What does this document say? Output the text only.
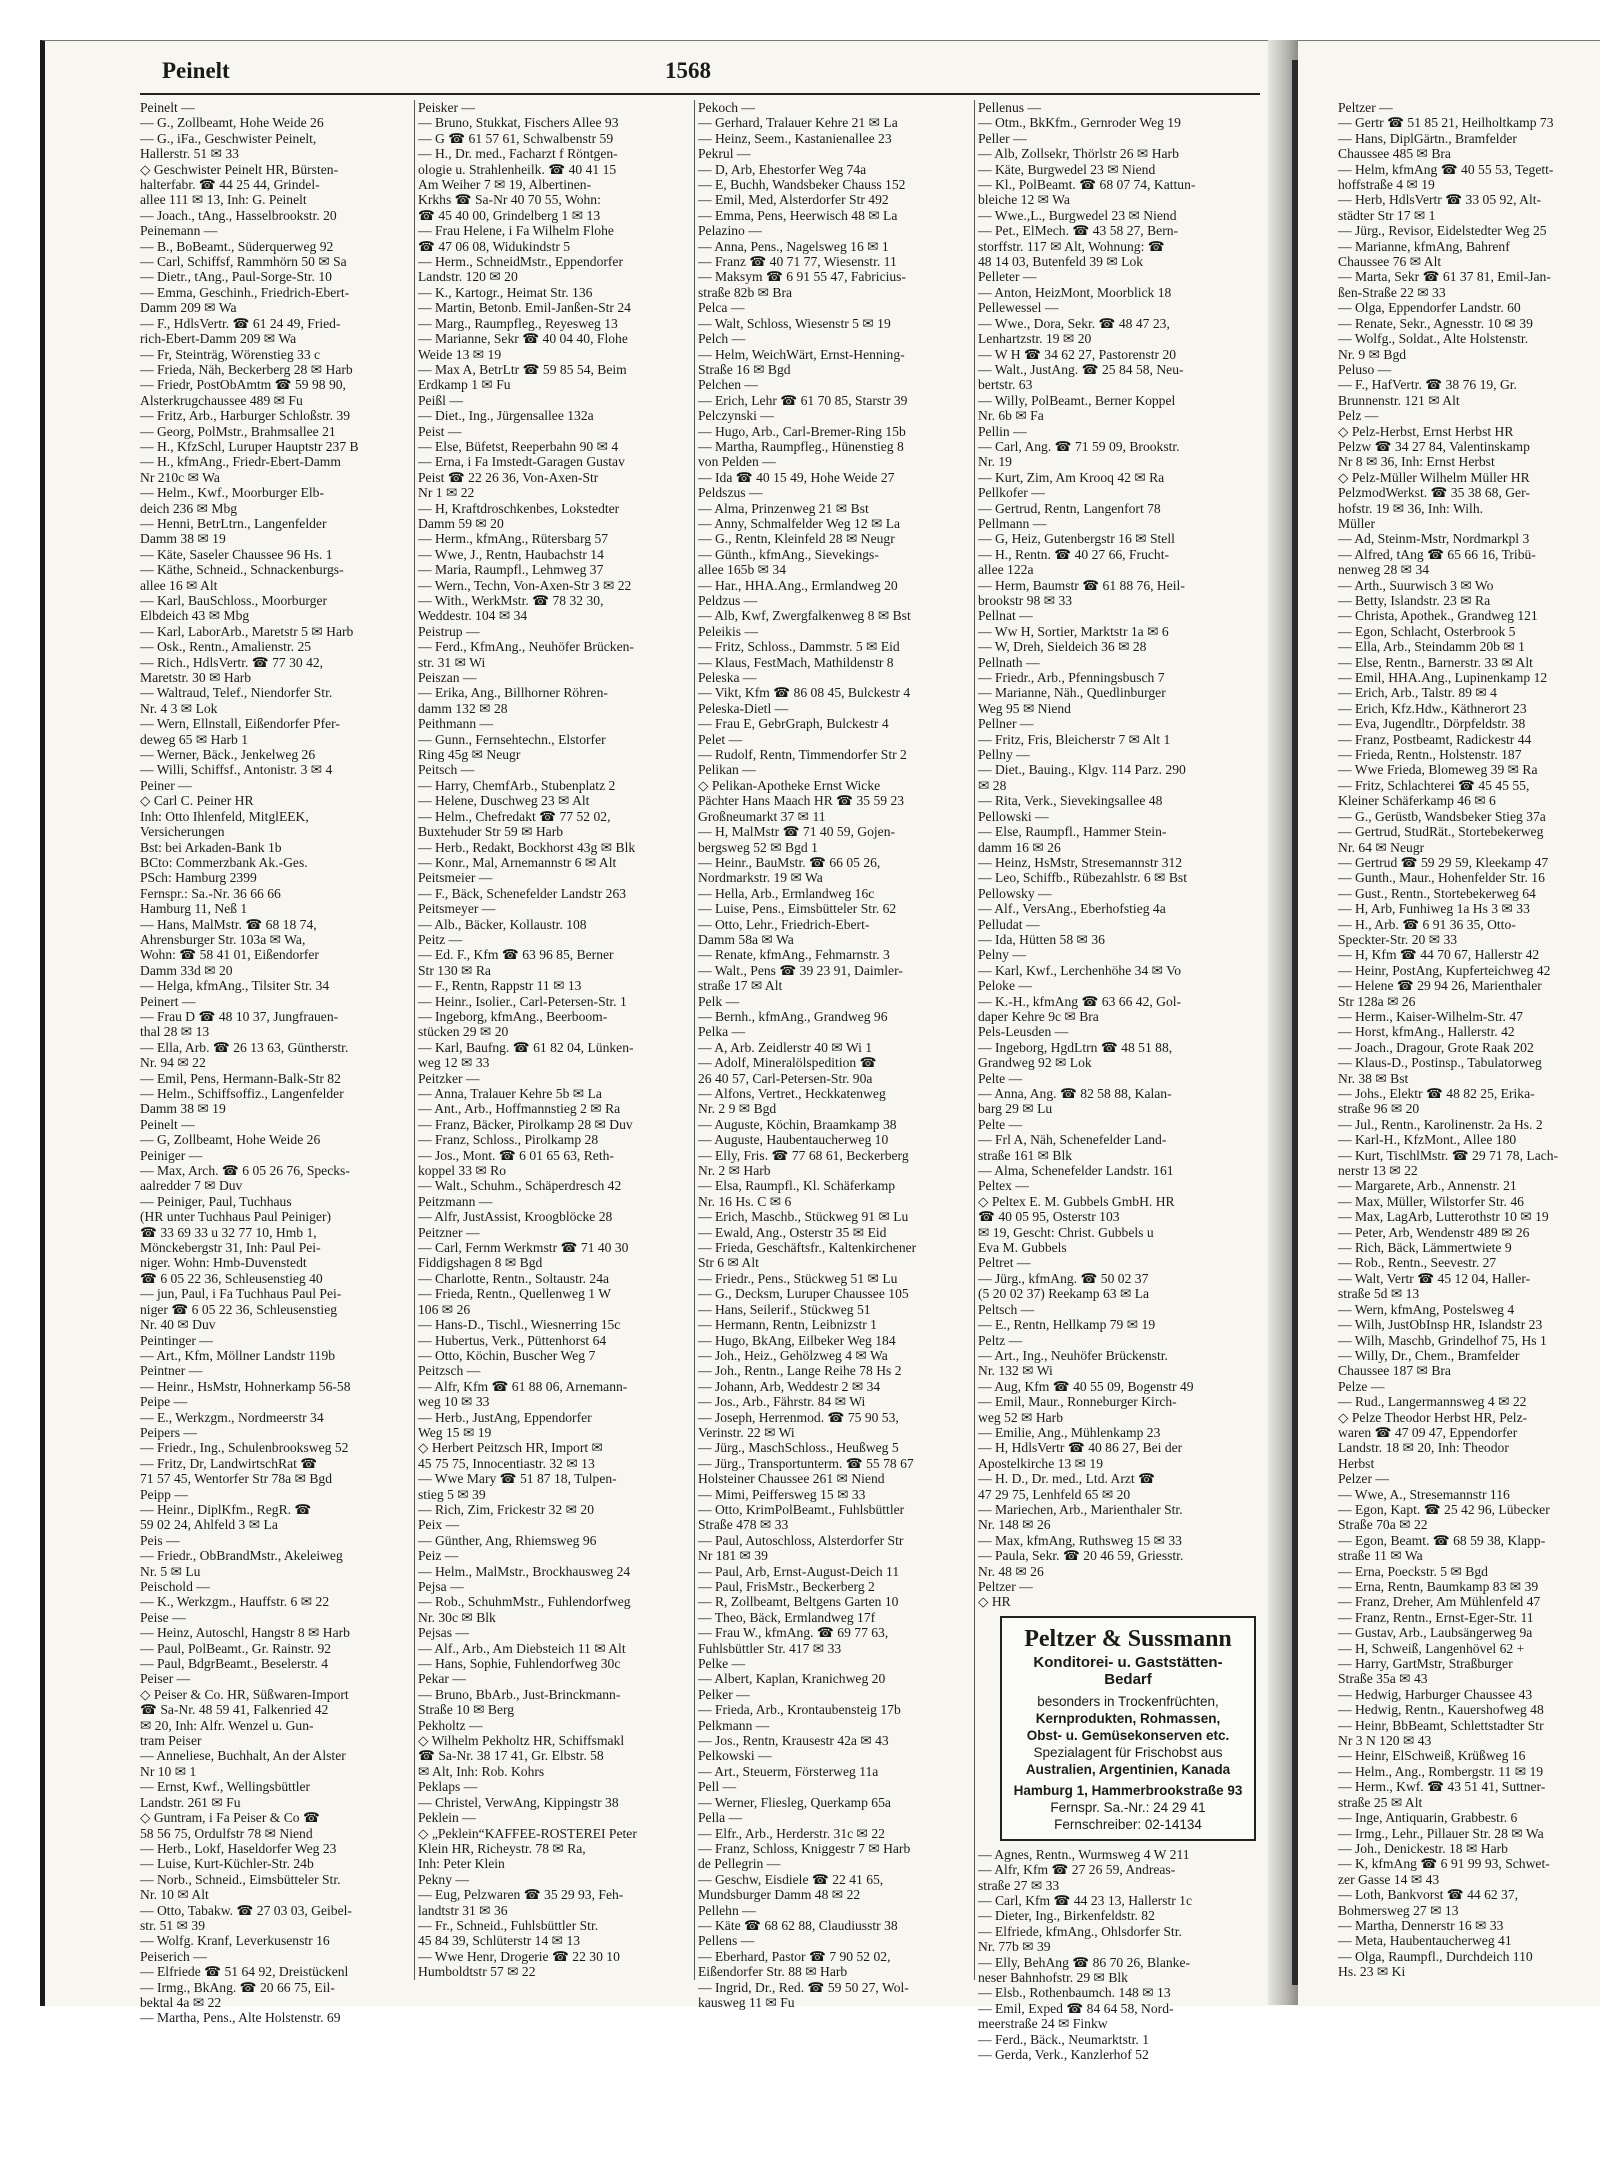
Peinelt	1568
Peinelt —
— G., Zollbeamt, Hohe Weide 26
— G., iFa., Geschwister Peinelt,
Hallerstr. 51 ✉ 33
◇ Geschwister Peinelt HR, Bürsten-
halterfabr. ☎ 44 25 44, Grindel-
allee 111 ✉ 13, Inh: G. Peinelt
— Joach., tAng., Hasselbrookstr. 20
Peinemann —
— B., BoBeamt., Süderquerweg 92
— Carl, Schiffsf, Rammhörn 50 ✉ Sa
— Dietr., tAng., Paul-Sorge-Str. 10
— Emma, Geschinh., Friedrich-Ebert-
Damm 209 ✉ Wa
— F., HdlsVertr. ☎ 61 24 49, Fried-
rich-Ebert-Damm 209 ✉ Wa
— Fr, Steinträg, Wörenstieg 33 c
— Frieda, Näh, Beckerberg 28 ✉ Harb
— Friedr, PostObAmtm ☎ 59 98 90,
Alsterkrugchaussee 489 ✉ Fu
— Fritz, Arb., Harburger Schloßstr. 39
— Georg, PolMstr., Brahmsallee 21
— H., KfzSchl, Luruper Hauptstr 237 B
— H., kfmAng., Friedr-Ebert-Damm
Nr 210c ✉ Wa
— Helm., Kwf., Moorburger Elb-
deich 236 ✉ Mbg
— Henni, BetrLtrn., Langenfelder
Damm 38 ✉ 19
— Käte, Saseler Chaussee 96 Hs. 1
— Käthe, Schneid., Schnackenburgs-
allee 16 ✉ Alt
— Karl, BauSchloss., Moorburger
Elbdeich 43 ✉ Mbg
— Karl, LaborArb., Maretstr 5 ✉ Harb
— Osk., Rentn., Amalienstr. 25
— Rich., HdlsVertr. ☎ 77 30 42,
Maretstr. 30 ✉ Harb
— Waltraud, Telef., Niendorfer Str.
Nr. 4 3 ✉ Lok
— Wern, Ellnstall, Eißendorfer Pfer-
deweg 65 ✉ Harb 1
— Werner, Bäck., Jenkelweg 26
— Willi, Schiffsf., Antonistr. 3 ✉ 4
Peiner —
◇ Carl C. Peiner HR
Inh: Otto Ihlenfeld, MitglEEK,
Versicherungen
Bst: bei Arkaden-Bank 1b
BCto: Commerzbank Ak.-Ges.
PSch: Hamburg 2399
Fernspr.: Sa.-Nr. 36 66 66
Hamburg 11, Neß 1
— Hans, MalMstr. ☎ 68 18 74,
Ahrensburger Str. 103a ✉ Wa,
Wohn: ☎ 58 41 01, Eißendorfer
Damm 33d ✉ 20
— Helga, kfmAng., Tilsiter Str. 34
Peinert —
— Frau D ☎ 48 10 37, Jungfrauen-
thal 28 ✉ 13
— Ella, Arb. ☎ 26 13 63, Güntherstr.
Nr. 94 ✉ 22
— Emil, Pens, Hermann-Balk-Str 82
— Helm., Schiffsoffiz., Langenfelder
Damm 38 ✉ 19
Peinelt —
— G, Zollbeamt, Hohe Weide 26
Peiniger —
— Max, Arch. ☎ 6 05 26 76, Specks-
aalredder 7 ✉ Duv
— Peiniger, Paul, Tuchhaus
(HR unter Tuchhaus Paul Peiniger)
☎ 33 69 33 u 32 77 10, Hmb 1,
Mönckebergstr 31, Inh: Paul Pei-
niger. Wohn: Hmb-Duvenstedt
☎ 6 05 22 36, Schleusenstieg 40
— jun, Paul, i Fa Tuchhaus Paul Pei-
niger ☎ 6 05 22 36, Schleusenstieg
Nr. 40 ✉ Duv
Peintinger —
— Art., Kfm, Möllner Landstr 119b
Peintner —
— Heinr., HsMstr, Hohnerkamp 56-58
Peipe —
— E., Werkzgm., Nordmeerstr 34
Peipers —
— Friedr., Ing., Schulenbrooksweg 52
— Fritz, Dr, LandwirtschRat ☎
71 57 45, Wentorfer Str 78a ✉ Bgd
Peipp —
— Heinr., DiplKfm., RegR. ☎
59 02 24, Ahlfeld 3 ✉ La
Peis —
— Friedr., ObBrandMstr., Akeleiweg
Nr. 5 ✉ Lu
Peischold —
— K., Werkzgm., Hauffstr. 6 ✉ 22
Peise —
— Heinz, Autoschl, Hangstr 8 ✉ Harb
— Paul, PolBeamt., Gr. Rainstr. 92
— Paul, BdgrBeamt., Beselerstr. 4
Peiser —
◇ Peiser & Co. HR, Süßwaren-Import
☎ Sa-Nr. 48 59 41, Falkenried 42
✉ 20, Inh: Alfr. Wenzel u. Gun-
tram Peiser
— Anneliese, Buchhalt, An der Alster
Nr 10 ✉ 1
— Ernst, Kwf., Wellingsbüttler
Landstr. 261 ✉ Fu
◇ Guntram, i Fa Peiser & Co ☎
58 56 75, Ordulfstr 78 ✉ Niend
— Herb., Lokf, Haseldorfer Weg 23
— Luise, Kurt-Küchler-Str. 24b
— Norb., Schneid., Eimsbütteler Str.
Nr. 10 ✉ Alt
— Otto, Tabakw. ☎ 27 03 03, Geibel-
str. 51 ✉ 39
— Wolfg. Kranf, Leverkusenstr 16
Peiserich —
— Elfriede ☎ 51 64 92, Dreistückenl
— Irmg., BkAng. ☎ 20 66 75, Eil-
bektal 4a ✉ 22
— Martha, Pens., Alte Holstenstr. 69
Peisker —
— Bruno, Stukkat, Fischers Allee 93
— G ☎ 61 57 61, Schwalbenstr 59
— H., Dr. med., Facharzt f Röntgen-
ologie u. Strahlenheilk. ☎ 40 41 15
Am Weiher 7 ✉ 19, Albertinen-
Krkhs ☎ Sa-Nr 40 70 55, Wohn:
☎ 45 40 00, Grindelberg 1 ✉ 13
— Frau Helene, i Fa Wilhelm Flohe
☎ 47 06 08, Widukindstr 5
— Herm., SchneidMstr., Eppendorfer
Landstr. 120 ✉ 20
— K., Kartogr., Heimat Str. 136
— Martin, Betonb. Emil-Janßen-Str 24
— Marg., Raumpfleg., Reyesweg 13
— Marianne, Sekr ☎ 40 04 40, Flohe
Weide 13 ✉ 19
— Max A, BetrLtr ☎ 59 85 54, Beim
Erdkamp 1 ✉ Fu
Peißl —
— Diet., Ing., Jürgensallee 132a
Peist —
— Else, Büfetst, Reeperbahn 90 ✉ 4
— Erna, i Fa Imstedt-Garagen Gustav
Peist ☎ 22 26 36, Von-Axen-Str
Nr 1 ✉ 22
— H, Kraftdroschkenbes, Lokstedter
Damm 59 ✉ 20
— Herm., kfmAng., Rütersbarg 57
— Wwe, J., Rentn, Haubachstr 14
— Maria, Raumpfl., Lehmweg 37
— Wern., Techn, Von-Axen-Str 3 ✉ 22
— With., WerkMstr. ☎ 78 32 30,
Weddestr. 104 ✉ 34
Peistrup —
— Ferd., KfmAng., Neuhöfer Brücken-
str. 31 ✉ Wi
Peiszan —
— Erika, Ang., Billhorner Röhren-
damm 132 ✉ 28
Peithmann —
— Gunn., Fernsehtechn., Elstorfer
Ring 45g ✉ Neugr
Peitsch —
— Harry, ChemfArb., Stubenplatz 2
— Helene, Duschweg 23 ✉ Alt
— Helm., Chefredakt ☎ 77 52 02,
Buxtehuder Str 59 ✉ Harb
— Herb., Redakt, Bockhorst 43g ✉ Blk
— Konr., Mal, Arnemannstr 6 ✉ Alt
Peitsmeier —
— F., Bäck, Schenefelder Landstr 263
Peitsmeyer —
— Alb., Bäcker, Kollaustr. 108
Peitz —
— Ed. F., Kfm ☎ 63 96 85, Berner
Str 130 ✉ Ra
— F., Rentn, Rappstr 11 ✉ 13
— Heinr., Isolier., Carl-Petersen-Str. 1
— Ingeborg, kfmAng., Beerboom-
stücken 29 ✉ 20
— Karl, Baufng. ☎ 61 82 04, Lünken-
weg 12 ✉ 33
Peitzker —
— Anna, Tralauer Kehre 5b ✉ La
— Ant., Arb., Hoffmannstieg 2 ✉ Ra
— Franz, Bäcker, Pirolkamp 28 ✉ Duv
— Franz, Schloss., Pirolkamp 28
— Jos., Mont. ☎ 6 01 65 63, Reth-
koppel 33 ✉ Ro
— Walt., Schuhm., Schäperdresch 42
Peitzmann —
— Alfr, JustAssist, Kroogblöcke 28
Peitzner —
— Carl, Fernm Werkmstr ☎ 71 40 30
Fiddigshagen 8 ✉ Bgd
— Charlotte, Rentn., Soltaustr. 24a
— Frieda, Rentn., Quellenweg 1 W
106 ✉ 26
— Hans-D., Tischl., Wiesnerring 15c
— Hubertus, Verk., Püttenhorst 64
— Otto, Köchin, Buscher Weg 7
Peitzsch —
— Alfr, Kfm ☎ 61 88 06, Arnemann-
weg 10 ✉ 33
— Herb., JustAng, Eppendorfer
Weg 15 ✉ 19
◇ Herbert Peitzsch HR, Import ✉
45 75 75, Innocentiastr. 32 ✉ 13
— Wwe Mary ☎ 51 87 18, Tulpen-
stieg 5 ✉ 39
— Rich, Zim, Frickestr 32 ✉ 20
Peix —
— Günther, Ang, Rhiemsweg 96
Peiz —
— Helm., MalMstr., Brockhausweg 24
Pejsa —
— Rob., SchuhmMstr., Fuhlendorfweg
Nr. 30c ✉ Blk
Pejsas —
— Alf., Arb., Am Diebsteich 11 ✉ Alt
— Hans, Sophie, Fuhlendorfweg 30c
Pekar —
— Bruno, BbArb., Just-Brinckmann-
Straße 10 ✉ Berg
Pekholtz —
◇ Wilhelm Pekholtz HR, Schiffsmakl
☎ Sa-Nr. 38 17 41, Gr. Elbstr. 58
✉ Alt, Inh: Rob. Kohrs
Peklaps —
— Christel, VerwAng, Kippingstr 38
Peklein —
◇ „Peklein“KAFFEE-ROSTEREI Peter
Klein HR, Richeystr. 78 ✉ Ra,
Inh: Peter Klein
Pekny —
— Eug, Pelzwaren ☎ 35 29 93, Feh-
landtstr 31 ✉ 36
— Fr., Schneid., Fuhlsbüttler Str.
45 84 39, Schlüterstr 14 ✉ 13
— Wwe Henr, Drogerie ☎ 22 30 10
Humboldtstr 57 ✉ 22
Pekoch —
— Gerhard, Tralauer Kehre 21 ✉ La
— Heinz, Seem., Kastanienallee 23
Pekrul —
— D, Arb, Ehestorfer Weg 74a
— E, Buchh, Wandsbeker Chauss 152
— Emil, Med, Alsterdorfer Str 492
— Emma, Pens, Heerwisch 48 ✉ La
Pelazino —
— Anna, Pens., Nagelsweg 16 ✉ 1
— Franz ☎ 40 71 77, Wiesenstr. 11
— Maksym ☎ 6 91 55 47, Fabricius-
straße 82b ✉ Bra
Pelca —
— Walt, Schloss, Wiesenstr 5 ✉ 19
Pelch —
— Helm, WeichWärt, Ernst-Henning-
Straße 16 ✉ Bgd
Pelchen —
— Erich, Lehr ☎ 61 70 85, Starstr 39
Pelczynski —
— Hugo, Arb., Carl-Bremer-Ring 15b
— Martha, Raumpfleg., Hünenstieg 8
von Pelden —
— Ida ☎ 40 15 49, Hohe Weide 27
Peldszus —
— Alma, Prinzenweg 21 ✉ Bst
— Anny, Schmalfelder Weg 12 ✉ La
— G., Rentn, Kleinfeld 28 ✉ Neugr
— Günth., kfmAng., Sievekings-
allee 165b ✉ 34
— Har., HHA.Ang., Ermlandweg 20
Peldzus —
— Alb, Kwf, Zwergfalkenweg 8 ✉ Bst
Peleikis —
— Fritz, Schloss., Dammstr. 5 ✉ Eid
— Klaus, FestMach, Mathildenstr 8
Peleska —
— Vikt, Kfm ☎ 86 08 45, Bulckestr 4
Peleska-Dietl —
— Frau E, GebrGraph, Bulckestr 4
Pelet —
— Rudolf, Rentn, Timmendorfer Str 2
Pelikan —
◇ Pelikan-Apotheke Ernst Wicke
Pächter Hans Maach HR ☎ 35 59 23
Großneumarkt 37 ✉ 11
— H, MalMstr ☎ 71 40 59, Gojen-
bergsweg 52 ✉ Bgd 1
— Heinr., BauMstr. ☎ 66 05 26,
Nordmarkstr. 19 ✉ Wa
— Hella, Arb., Ermlandweg 16c
— Luise, Pens., Eimsbütteler Str. 62
— Otto, Lehr., Friedrich-Ebert-
Damm 58a ✉ Wa
— Renate, kfmAng., Fehmarnstr. 3
— Walt., Pens ☎ 39 23 91, Daimler-
straße 17 ✉ Alt
Pelk —
— Bernh., kfmAng., Grandweg 96
Pelka —
— A, Arb. Zeidlerstr 40 ✉ Wi 1
— Adolf, Mineralölspedition ☎
26 40 57, Carl-Petersen-Str. 90a
— Alfons, Vertret., Heckkatenweg
Nr. 2 9 ✉ Bgd
— Auguste, Köchin, Braamkamp 38
— Auguste, Haubentaucherweg 10
— Elly, Fris. ☎ 77 68 61, Beckerberg
Nr. 2 ✉ Harb
— Elsa, Raumpfl., Kl. Schäferkamp
Nr. 16 Hs. C ✉ 6
— Erich, Maschb., Stückweg 91 ✉ Lu
— Ewald, Ang., Osterstr 35 ✉ Eid
— Frieda, Geschäftsfr., Kaltenkirchener
Str 6 ✉ Alt
— Friedr., Pens., Stückweg 51 ✉ Lu
— G., Decksm, Luruper Chaussee 105
— Hans, Seilerif., Stückweg 51
— Hermann, Rentn, Leibnizstr 1
— Hugo, BkAng, Eilbeker Weg 184
— Joh., Heiz., Gehölzweg 4 ✉ Wa
— Joh., Rentn., Lange Reihe 78 Hs 2
— Johann, Arb, Weddestr 2 ✉ 34
— Jos., Arb., Fährstr. 84 ✉ Wi
— Joseph, Herrenmod. ☎ 75 90 53,
Verinstr. 22 ✉ Wi
— Jürg., MaschSchloss., Heußweg 5
— Jürg., Transportunterm. ☎ 55 78 67
Holsteiner Chaussee 261 ✉ Niend
— Mimi, Peiffersweg 15 ✉ 33
— Otto, KrimPolBeamt., Fuhlsbüttler
Straße 478 ✉ 33
— Paul, Autoschloss, Alsterdorfer Str
Nr 181 ✉ 39
— Paul, Arb, Ernst-August-Deich 11
— Paul, FrisMstr., Beckerberg 2
— R, Zollbeamt, Beltgens Garten 10
— Theo, Bäck, Ermlandweg 17f
— Frau W., kfmAng. ☎ 69 77 63,
Fuhlsbüttler Str. 417 ✉ 33
Pelke —
— Albert, Kaplan, Kranichweg 20
Pelker —
— Frieda, Arb., Krontaubensteig 17b
Pelkmann —
— Jos., Rentn, Krausestr 42a ✉ 43
Pelkowski —
— Art., Steuerm, Försterweg 11a
Pell —
— Werner, Fliesleg, Querkamp 65a
Pella —
— Elfr., Arb., Herderstr. 31c ✉ 22
— Franz, Schloss, Kniggestr 7 ✉ Harb
de Pellegrin —
— Geschw, Eisdiele ☎ 22 41 65,
Mundsburger Damm 48 ✉ 22
Pellehn —
— Käte ☎ 68 62 88, Claudiusstr 38
Pellens —
— Eberhard, Pastor ☎ 7 90 52 02,
Eißendorfer Str. 88 ✉ Harb
— Ingrid, Dr., Red. ☎ 59 50 27, Wol-
kausweg 11 ✉ Fu
Pellenus —
— Otm., BkKfm., Gernroder Weg 19
Peller —
— Alb, Zollsekr, Thörlstr 26 ✉ Harb
— Käte, Burgwedel 23 ✉ Niend
— Kl., PolBeamt. ☎ 68 07 74, Kattun-
bleiche 12 ✉ Wa
— Wwe.,L., Burgwedel 23 ✉ Niend
— Pet., ElMech. ☎ 43 58 27, Bern-
storffstr. 117 ✉ Alt, Wohnung: ☎
48 14 03, Butenfeld 39 ✉ Lok
Pelleter —
— Anton, HeizMont, Moorblick 18
Pellewessel —
— Wwe., Dora, Sekr. ☎ 48 47 23,
Lenhartzstr. 19 ✉ 20
— W H ☎ 34 62 27, Pastorenstr 20
— Walt., JustAng. ☎ 25 84 58, Neu-
bertstr. 63
— Willy, PolBeamt., Berner Koppel
Nr. 6b ✉ Fa
Pellin —
— Carl, Ang. ☎ 71 59 09, Brookstr.
Nr. 19
— Kurt, Zim, Am Krooq 42 ✉ Ra
Pellkofer —
— Gertrud, Rentn, Langenfort 78
Pellmann —
— G, Heiz, Gutenbergstr 16 ✉ Stell
— H., Rentn. ☎ 40 27 66, Frucht-
allee 122a
— Herm, Baumstr ☎ 61 88 76, Heil-
brookstr 98 ✉ 33
Pellnat —
— Ww H, Sortier, Marktstr 1a ✉ 6
— W, Dreh, Sieldeich 36 ✉ 28
Pellnath —
— Friedr., Arb., Pfenningsbusch 7
— Marianne, Näh., Quedlinburger
Weg 95 ✉ Niend
Pellner —
— Fritz, Fris, Bleicherstr 7 ✉ Alt 1
Pellny —
— Diet., Bauing., Klgv. 114 Parz. 290
✉ 28
— Rita, Verk., Sievekingsallee 48
Pellowski —
— Else, Raumpfl., Hammer Stein-
damm 16 ✉ 26
— Heinz, HsMstr, Stresemannstr 312
— Leo, Schiffb., Rübezahlstr. 6 ✉ Bst
Pellowsky —
— Alf., VersAng., Eberhofstieg 4a
Pelludat —
— Ida, Hütten 58 ✉ 36
Pelny —
— Karl, Kwf., Lerchenhöhe 34 ✉ Vo
Peloke —
— K.-H., kfmAng ☎ 63 66 42, Gol-
daper Kehre 9c ✉ Bra
Pels-Leusden —
— Ingeborg, HgdLtrn ☎ 48 51 88,
Grandweg 92 ✉ Lok
Pelte —
— Anna, Ang. ☎ 82 58 88, Kalan-
barg 29 ✉ Lu
Pelte —
— Frl A, Näh, Schenefelder Land-
straße 161 ✉ Blk
— Alma, Schenefelder Landstr. 161
Peltex —
◇ Peltex E. M. Gubbels GmbH. HR
☎ 40 05 95, Osterstr 103
✉ 19, Gescht: Christ. Gubbels u
Eva M. Gubbels
Peltret —
— Jürg., kfmAng. ☎ 50 02 37
(5 20 02 37) Reekamp 63 ✉ La
Peltsch —
— E., Rentn, Hellkamp 79 ✉ 19
Peltz —
— Art., Ing., Neuhöfer Brückenstr.
Nr. 132 ✉ Wi
— Aug, Kfm ☎ 40 55 09, Bogenstr 49
— Emil, Maur., Ronneburger Kirch-
weg 52 ✉ Harb
— Emilie, Ang., Mühlenkamp 23
— H, HdlsVertr ☎ 40 86 27, Bei der
Apostelkirche 13 ✉ 19
— H. D., Dr. med., Ltd. Arzt ☎
47 29 75, Lenhfeld 65 ✉ 20
— Mariechen, Arb., Marienthaler Str.
Nr. 148 ✉ 26
— Max, kfmAng, Ruthsweg 15 ✉ 33
— Paula, Sekr. ☎ 20 46 59, Griesstr.
Nr. 48 ✉ 26
Peltzer —
◇ HR
Peltzer & Sussmann
Konditorei- u. Gaststätten-Bedarf
besonders in Trockenfrüchten,
Kernprodukten, Rohmassen,
Obst- u. Gemüsekonserven etc.
Spezialagent für Frischobst aus
Australien, Argentinien, Kanada
Hamburg 1, Hammerbrookstraße 93
Fernspr. Sa.-Nr.: 24 29 41
Fernschreiber: 02-14134
— Agnes, Rentn., Wurmsweg 4 W 211
— Alfr, Kfm ☎ 27 26 59, Andreas-
straße 27 ✉ 33
— Carl, Kfm ☎ 44 23 13, Hallerstr 1c
— Dieter, Ing., Birkenfeldstr. 82
— Elfriede, kfmAng., Ohlsdorfer Str.
Nr. 77b ✉ 39
— Elly, BehAng ☎ 86 70 26, Blanke-
neser Bahnhofstr. 29 ✉ Blk
— Elsb., Rothenbaumch. 148 ✉ 13
— Emil, Exped ☎ 84 64 58, Nord-
meerstraße 24 ✉ Finkw
— Ferd., Bäck., Neumarktstr. 1
— Gerda, Verk., Kanzlerhof 52
Peltzer —
— Gertr ☎ 51 85 21, Heilholtkamp 73
— Hans, DiplGärtn., Bramfelder
Chaussee 485 ✉ Bra
— Helm, kfmAng ☎ 40 55 53, Tegett-
hoffstraße 4 ✉ 19
— Herb, HdlsVertr ☎ 33 05 92, Alt-
städter Str 17 ✉ 1
— Jürg., Revisor, Eidelstedter Weg 25
— Marianne, kfmAng, Bahrenf
Chaussee 76 ✉ Alt
— Marta, Sekr ☎ 61 37 81, Emil-Jan-
ßen-Straße 22 ✉ 33
— Olga, Eppendorfer Landstr. 60
— Renate, Sekr., Agnesstr. 10 ✉ 39
— Wolfg., Soldat., Alte Holstenstr.
Nr. 9 ✉ Bgd
Peluso —
— F., HafVertr. ☎ 38 76 19, Gr.
Brunnenstr. 121 ✉ Alt
Pelz —
◇ Pelz-Herbst, Ernst Herbst HR
Pelzw ☎ 34 27 84, Valentinskamp
Nr 8 ✉ 36, Inh: Ernst Herbst
◇ Pelz-Müller Wilhelm Müller HR
PelzmodWerkst. ☎ 35 38 68, Ger-
hofstr. 19 ✉ 36, Inh: Wilh.
Müller
— Ad, Steinm-Mstr, Nordmarkpl 3
— Alfred, tAng ☎ 65 66 16, Tribü-
nenweg 28 ✉ 34
— Arth., Suurwisch 3 ✉ Wo
— Betty, Islandstr. 23 ✉ Ra
— Christa, Apothek., Grandweg 121
— Egon, Schlacht, Osterbrook 5
— Ella, Arb., Steindamm 20b ✉ 1
— Else, Rentn., Barnerstr. 33 ✉ Alt
— Emil, HHA.Ang., Lupinenkamp 12
— Erich, Arb., Talstr. 89 ✉ 4
— Erich, Kfz.Hdw., Käthnerort 23
— Eva, Jugendltr., Dörpfeldstr. 38
— Franz, Postbeamt, Radickestr 44
— Frieda, Rentn., Holstenstr. 187
— Wwe Frieda, Blomeweg 39 ✉ Ra
— Fritz, Schlachterei ☎ 45 45 55,
Kleiner Schäferkamp 46 ✉ 6
— G., Gerüstb, Wandsbeker Stieg 37a
— Gertrud, StudRät., Stortebekerweg
Nr. 64 ✉ Neugr
— Gertrud ☎ 59 29 59, Kleekamp 47
— Gunth., Maur., Hohenfelder Str. 16
— Gust., Rentn., Stortebekerweg 64
— H, Arb, Funhiweg 1a Hs 3 ✉ 33
— H., Arb. ☎ 6 91 36 35, Otto-
Speckter-Str. 20 ✉ 33
— H, Kfm ☎ 44 70 67, Hallerstr 42
— Heinr, PostAng, Kupferteichweg 42
— Helene ☎ 29 94 26, Marienthaler
Str 128a ✉ 26
— Herm., Kaiser-Wilhelm-Str. 47
— Horst, kfmAng., Hallerstr. 42
— Joach., Dragour, Grote Raak 202
— Klaus-D., Postinsp., Tabulatorweg
Nr. 38 ✉ Bst
— Johs., Elektr ☎ 48 82 25, Erika-
straße 96 ✉ 20
— Jul., Rentn., Karolinenstr. 2a Hs. 2
— Karl-H., KfzMont., Allee 180
— Kurt, TischlMstr. ☎ 29 71 78, Lach-
nerstr 13 ✉ 22
— Margarete, Arb., Annenstr. 21
— Max, Müller, Wilstorfer Str. 46
— Max, LagArb, Lutterothstr 10 ✉ 19
— Peter, Arb, Wendenstr 489 ✉ 26
— Rich, Bäck, Lämmertwiete 9
— Rob., Rentn., Seevestr. 27
— Walt, Vertr ☎ 45 12 04, Haller-
straße 5d ✉ 13
— Wern, kfmAng, Postelsweg 4
— Wilh, JustObInsp HR, Islandstr 23
— Wilh, Maschb, Grindelhof 75, Hs 1
— Willy, Dr., Chem., Bramfelder
Chaussee 187 ✉ Bra
Pelze —
— Rud., Langermannsweg 4 ✉ 22
◇ Pelze Theodor Herbst HR, Pelz-
waren ☎ 47 09 47, Eppendorfer
Landstr. 18 ✉ 20, Inh: Theodor
Herbst
Pelzer —
— Wwe, A., Stresemannstr 116
— Egon, Kapt. ☎ 25 42 96, Lübecker
Straße 70a ✉ 22
— Egon, Beamt. ☎ 68 59 38, Klapp-
straße 11 ✉ Wa
— Erna, Poeckstr. 5 ✉ Bgd
— Erna, Rentn, Baumkamp 83 ✉ 39
— Franz, Dreher, Am Mühlenfeld 47
— Franz, Rentn., Ernst-Eger-Str. 11
— Gustav, Arb., Laubsängerweg 9a
— H, Schweiß, Langenhövel 62 +
— Harry, GartMstr, Straßburger
Straße 35a ✉ 43
— Hedwig, Harburger Chaussee 43
— Hedwig, Rentn., Kauershofweg 48
— Heinr, BbBeamt, Schlettstadter Str
Nr 3 N 120 ✉ 43
— Heinr, ElSchweiß, Krüßweg 16
— Helm., Ang., Rombergstr. 11 ✉ 19
— Herm., Kwf. ☎ 43 51 41, Suttner-
straße 25 ✉ Alt
— Inge, Antiquarin, Grabbestr. 6
— Irmg., Lehr., Pillauer Str. 28 ✉ Wa
— Joh., Denickestr. 18 ✉ Harb
— K, kfmAng ☎ 6 91 99 93, Schwet-
zer Gasse 14 ✉ 43
— Loth, Bankvorst ☎ 44 62 37,
Bohmersweg 27 ✉ 13
— Martha, Dennerstr 16 ✉ 33
— Meta, Haubentaucherweg 41
— Olga, Raumpfl., Durchdeich 110
Hs. 23 ✉ Ki
